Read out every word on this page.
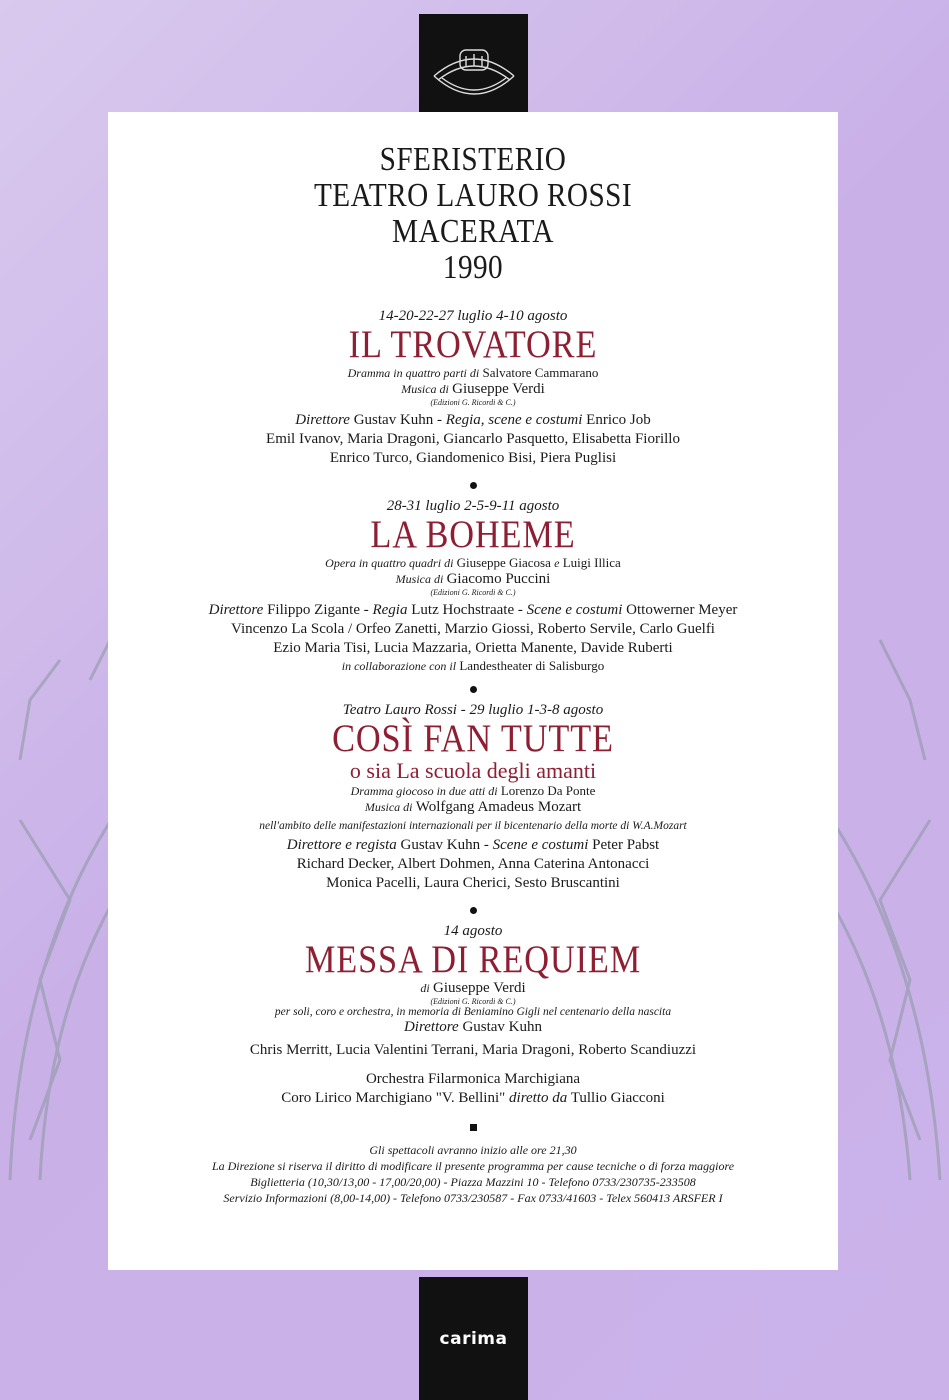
SFERISTERIO
TEATRO LAURO ROSSI
MACERATA
1990
14-20-22-27 luglio 4-10 agosto
IL TROVATORE
Dramma in quattro parti di Salvatore Cammarano
Musica di Giuseppe Verdi
(Edizioni G. Ricordi & C.)
Direttore Gustav Kuhn - Regia, scene e costumi Enrico Job
Emil Ivanov, Maria Dragoni, Giancarlo Pasquetto, Elisabetta Fiorillo
Enrico Turco, Giandomenico Bisi, Piera Puglisi
28-31 luglio 2-5-9-11 agosto
LA BOHEME
Opera in quattro quadri di Giuseppe Giacosa e Luigi Illica
Musica di Giacomo Puccini
(Edizioni G. Ricordi & C.)
Direttore Filippo Zigante - Regia Lutz Hochstraate - Scene e costumi Ottowerner Meyer
Vincenzo La Scola / Orfeo Zanetti, Marzio Giossi, Roberto Servile, Carlo Guelfi
Ezio Maria Tisi, Lucia Mazzaria, Orietta Manente, Davide Ruberti
in collaborazione con il Landestheater di Salisburgo
Teatro Lauro Rossi - 29 luglio 1-3-8 agosto
COSÌ FAN TUTTE
o sia La scuola degli amanti
Dramma giocoso in due atti di Lorenzo Da Ponte
Musica di Wolfgang Amadeus Mozart
nell'ambito delle manifestazioni internazionali per il bicentenario della morte di W.A.Mozart
Direttore e regista Gustav Kuhn - Scene e costumi Peter Pabst
Richard Decker, Albert Dohmen, Anna Caterina Antonacci
Monica Pacelli, Laura Cherici, Sesto Bruscantini
14 agosto
MESSA DI REQUIEM
di Giuseppe Verdi
(Edizioni G. Ricordi & C.)
per soli, coro e orchestra, in memoria di Beniamino Gigli nel centenario della nascita
Direttore Gustav Kuhn
Chris Merritt, Lucia Valentini Terrani, Maria Dragoni, Roberto Scandiuzzi
Orchestra Filarmonica Marchigiana
Coro Lirico Marchigiano "V. Bellini" diretto da Tullio Giacconi
Gli spettacoli avranno inizio alle ore 21,30
La Direzione si riserva il diritto di modificare il presente programma per cause tecniche o di forza maggiore
Biglietteria (10,30/13,00 - 17,00/20,00) - Piazza Mazzini 10 - Telefono 0733/230735-233508
Servizio Informazioni (8,00-14,00) - Telefono 0733/230587 - Fax 0733/41603 - Telex 560413 ARSFER I
carima
